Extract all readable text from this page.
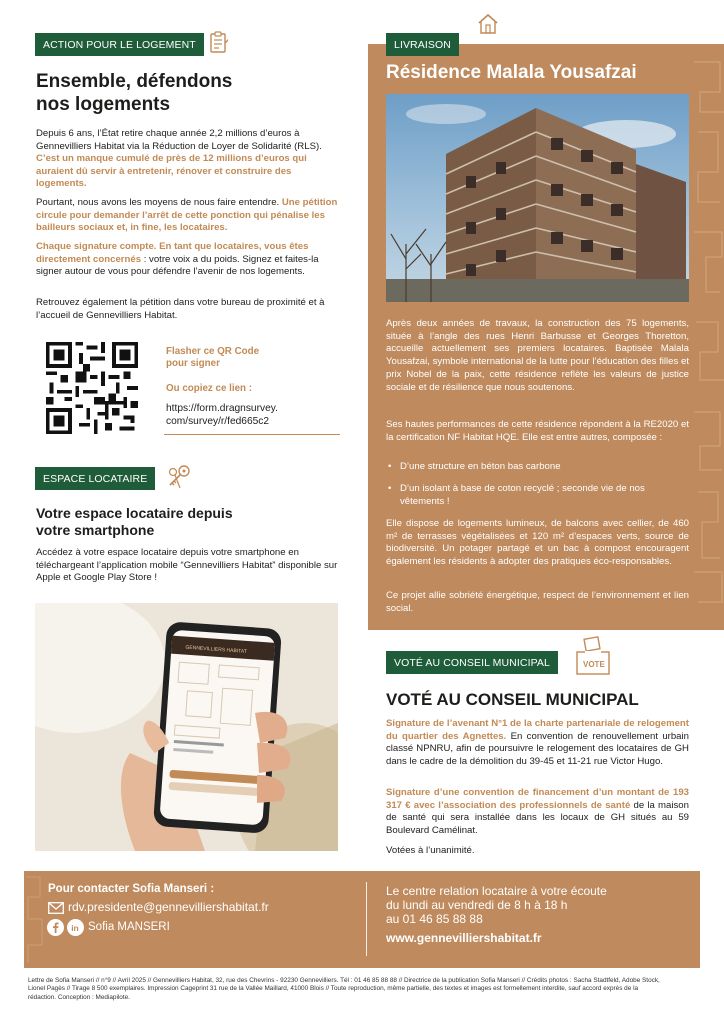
ACTION POUR LE LOGEMENT
Ensemble, défendons
nos logements
Depuis 6 ans, l’État retire chaque année 2,2 millions d’euros à Gennevilliers Habitat via la Réduction de Loyer de Solidarité (RLS). C’est un manque cumulé de près de 12 millions d’euros qui auraient dû servir à entretenir, rénover et construire des logements.
Pourtant, nous avons les moyens de nous faire entendre. Une pétition circule pour demander l’arrêt de cette ponction qui pénalise les bailleurs sociaux et, in fine, les locataires.
Chaque signature compte. En tant que locataires, vous êtes directement concernés : votre voix a du poids. Signez et faites-la signer autour de vous pour défendre l’avenir de nos logements.
Retrouvez également la pétition dans votre bureau de proximité et à l’accueil de Gennevilliers Habitat.
Flasher ce QR Code
pour signer
Ou copiez ce lien :
https://form.dragnsurvey.
com/survey/r/fed665c2
ESPACE LOCATAIRE
Votre espace locataire depuis
votre smartphone
Accédez à votre espace locataire depuis votre smartphone en téléchargeant l’application mobile “Gennevilliers Habitat” disponible sur Apple et Google Play Store !
GENNEVILLIERS HABITAT
LIVRAISON
Résidence Malala Yousafzai
Après deux années de travaux, la construction des 75 logements, située à l’angle des rues Henri Barbusse et Georges Thoretton, accueille actuellement ses premiers locataires. Baptisée Malala Yousafzai, symbole international de la lutte pour l’éducation des filles et prix Nobel de la paix, cette résidence reflète les valeurs de justice sociale et de résilience que nous soutenons.
Ses hautes performances de cette résidence répondent à la RE2020 et la certification NF Habitat HQE. Elle est entre autres, composée :
• D’une structure en béton bas carbone
• D’un isolant à base de coton recyclé ; seconde vie de nos
vêtements !
Elle dispose de logements lumineux, de balcons avec cellier, de 460 m² de terrasses végétalisées et 120 m² d’espaces verts, source de biodiversité. Un potager partagé et un bac à compost encouragent également les résidents à adopter des pratiques éco-responsables.
Ce projet allie sobriété énergétique, respect de l’environnement et lien social.
VOTÉ AU CONSEIL MUNICIPAL	VOTE
VOTÉ AU CONSEIL MUNICIPAL
Signature de l’avenant N°1 de la charte partenariale de relogement du quartier des Agnettes. En convention de renouvellement urbain classé NPNRU, afin de poursuivre le relogement des locataires de GH dans le cadre de la démolition du 39-45 et 11-21 rue Victor Hugo.
Signature d’une convention de financement d’un montant de 193 317 € avec l’association des professionnels de santé de la maison de santé qui sera installée dans les locaux de GH situés au 59 Boulevard Camélinat.
Votées à l’unanimité.
Pour contacter Sofia Manseri :
rdv.presidente@gennevilliershabitat.fr
in Sofia MANSERI
Le centre relation locataire à votre écoute
du lundi au vendredi de 8 h à 18 h
au 01 46 85 88 88
www.gennevilliershabitat.fr
Lettre de Sofia Manseri // n°9 // Avril 2025 // Gennevilliers Habitat, 32, rue des Chevrins - 92230 Gennevilliers. Tél : 01 46 85 88 88 // Directrice de la publication Sofia Manseri // Crédits photos : Sacha Stadtfeld, Adobe Stock,
Lionel Pagès // Tirage 8 500 exemplaires. Impression Cageprint 31 rue de la Vallée Maillard, 41000 Blois // Toute reproduction, même partielle, des textes et images est formellement interdite, sauf accord exprès de la
rédaction. Conception : Mediapilote.
